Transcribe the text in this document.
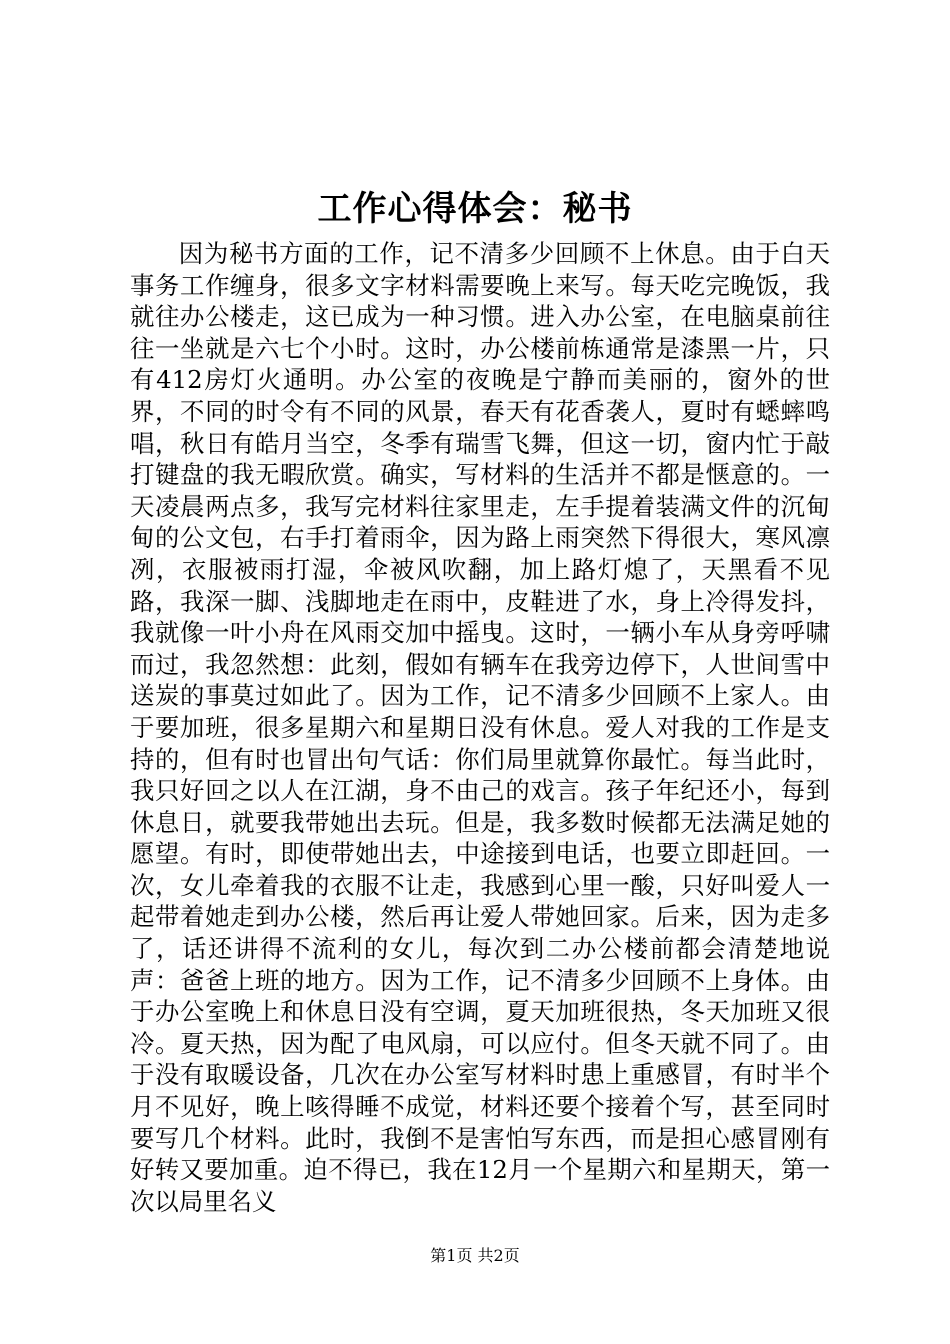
工作心得体会：秘书

因为秘书方面的工作，记不清多少回顾不上休息。由于白天事务工作缠身，很多文字材料需要晚上来写。每天吃完晚饭，我就往办公楼走，这已成为一种习惯。进入办公室，在电脑桌前往往一坐就是六七个小时。这时，办公楼前栋通常是漆黑一片，只有412房灯火通明。办公室的夜晚是宁静而美丽的，窗外的世界，不同的时令有不同的风景，春天有花香袭人，夏时有蟋蟀鸣唱，秋日有皓月当空，冬季有瑞雪飞舞，但这一切，窗内忙于敲打键盘的我无暇欣赏。确实，写材料的生活并不都是惬意的。一天凌晨两点多，我写完材料往家里走，左手提着装满文件的沉甸甸的公文包，右手打着雨伞，因为路上雨突然下得很大，寒风凛冽，衣服被雨打湿，伞被风吹翻，加上路灯熄了，天黑看不见路，我深一脚、浅脚地走在雨中，皮鞋进了水，身上冷得发抖，我就像一叶小舟在风雨交加中摇曳。这时，一辆小车从身旁呼啸而过，我忽然想：此刻，假如有辆车在我旁边停下，人世间雪中送炭的事莫过如此了。因为工作，记不清多少回顾不上家人。由于要加班，很多星期六和星期日没有休息。爱人对我的工作是支持的，但有时也冒出句气话：你们局里就算你最忙。每当此时，我只好回之以人在江湖，身不由己的戏言。孩子年纪还小，每到休息日，就要我带她出去玩。但是，我多数时候都无法满足她的愿望。有时，即使带她出去，中途接到电话，也要立即赶回。一次，女儿牵着我的衣服不让走，我感到心里一酸，只好叫爱人一起带着她走到办公楼，然后再让爱人带她回家。后来，因为走多了，话还讲得不流利的女儿，每次到二办公楼前都会清楚地说声：爸爸上班的地方。因为工作，记不清多少回顾不上身体。由于办公室晚上和休息日没有空调，夏天加班很热，冬天加班又很冷。夏天热，因为配了电风扇，可以应付。但冬天就不同了。由于没有取暖设备，几次在办公室写材料时患上重感冒，有时半个月不见好，晚上咳得睡不成觉，材料还要个接着个写，甚至同时要写几个材料。此时，我倒不是害怕写东西，而是担心感冒刚有好转又要加重。迫不得已，我在12月一个星期六和星期天，第一次以局里名义

第1页 共2页
